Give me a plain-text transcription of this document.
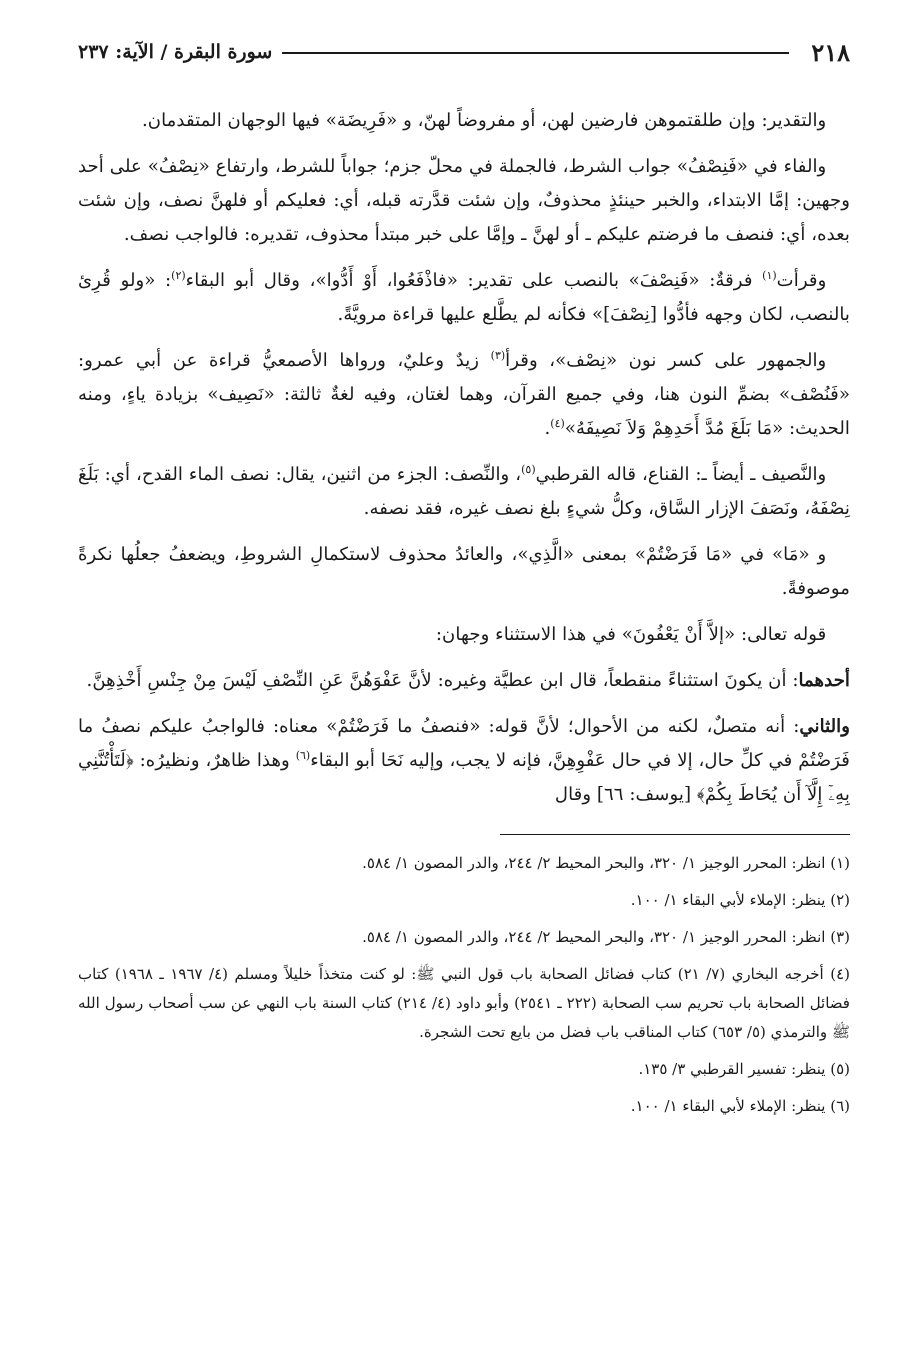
٢١٨
سورة البقرة / الآية: ٢٣٧

والتقدير: وإن طلقتموهن فارضين لهن، أو مفروضاً لهنّ، و «فَرِيضَة» فيها الوجهان المتقدمان.

والفاء في «فَنِصْفُ» جواب الشرط، فالجملة في محلّ جزم؛ جواباً للشرط، وارتفاع «نِصْفُ» على أحد وجهين: إمَّا الابتداء، والخبر حينئذٍ محذوفٌ، وإن شئت قدَّرته قبله، أي: فعليكم أو فلهنَّ نصف، وإن شئت بعده، أي: فنصف ما فرضتم عليكم ـ أو لهنَّ ـ وإمَّا على خبر مبتدأ محذوف، تقديره: فالواجب نصف.

وقرأت$^{(١)}$ فرقةٌ: «فَنِصْفَ» بالنصب على تقدير: «فاذْفَعُوا، أَوْ أَدُّوا»، وقال أبو البقاء$^{(٢)}$: «ولو قُرِئ بالنصب، لكان وجهه فأدُّوا [نِصْفَ]» فكأنه لم يطَّلع عليها قراءة مرويَّةً.

والجمهور على كسر نون «نِصْف»، وقرأ$^{(٣)}$ زيدٌ وعليٌ، ورواها الأصمعيُّ قراءة عن أبي عمرو: «فَنُصْف» بضمِّ النون هنا، وفي جميع القرآن، وهما لغتان، وفيه لغةٌ ثالثة: «نَصِيف» بزيادة ياءٍ، ومنه الحديث: «مَا بَلَغَ مُدَّ أَحَدِهِمْ وَلاَ نَصِيفَهُ»$^{(٤)}$.

والنَّصيف ـ أيضاً ـ: القناع، قاله القرطبي$^{(٥)}$، والنِّصف: الجزء من اثنين، يقال: نصف الماء القدح، أي: بَلَغَ نِصْفَهُ، ونَصَفَ الإزار السَّاق، وكلُّ شيءٍ بلغ نصف غيره، فقد نصفه.

و «مَا» في «مَا فَرَضْتُمْ» بمعنى «الَّذِي»، والعائدُ محذوف لاستكمالِ الشروطِ، ويضعفُ جعلُها نكرةً موصوفةً.

قوله تعالى: «إلاَّ أَنْ يَعْفُونَ» في هذا الاستثناء وجهان:

أحدهما: أن يكونَ استثناءً منقطعاً، قال ابن عطيَّة وغيره: لأنَّ عَفْوَهُنَّ عَنِ النِّصْفِ لَيْسَ مِنْ جِنْسِ أَخْذِهِنَّ.

والثاني: أنه متصلٌ، لكنه من الأحوال؛ لأنَّ قوله: «فنصفُ ما فَرَضْتُمْ» معناه: فالواجبُ عليكم نصفُ ما فَرَضْتُمْ في كلِّ حال، إلا في حال عَفْوِهِنَّ، فإنه لا يجب، وإليه نَحَا أبو البقاء$^{(٦)}$ وهذا ظاهرٌ، ونظيرُه: ﴿لَتَأْتُنَّنِي بِهِۦٓ إِلَّآ أَن يُحَاطَ بِكُمْ﴾ [يوسف: ٦٦] وقال

(١) انظر: المحرر الوجيز ١/ ٣٢٠، والبحر المحيط ٢/ ٢٤٤، والدر المصون ١/ ٥٨٤.

(٢) ينظر: الإملاء لأبي البقاء ١/ ١٠٠.

(٣) انظر: المحرر الوجيز ١/ ٣٢٠، والبحر المحيط ٢/ ٢٤٤، والدر المصون ١/ ٥٨٤.

(٤) أخرجه البخاري (٧/ ٢١) كتاب فضائل الصحابة باب قول النبي ﷺ: لو كنت متخذاً خليلاً ومسلم (٤/ ١٩٦٧ ـ ١٩٦٨) كتاب فضائل الصحابة باب تحريم سب الصحابة (٢٢٢ ـ ٢٥٤١) وأبو داود (٤/ ٢١٤) كتاب السنة باب النهي عن سب أصحاب رسول الله ﷺ والترمذي (٥/ ٦٥٣) كتاب المناقب باب فضل من بايع تحت الشجرة.

(٥) ينظر: تفسير القرطبي ٣/ ١٣٥.

(٦) ينظر: الإملاء لأبي البقاء ١/ ١٠٠.
